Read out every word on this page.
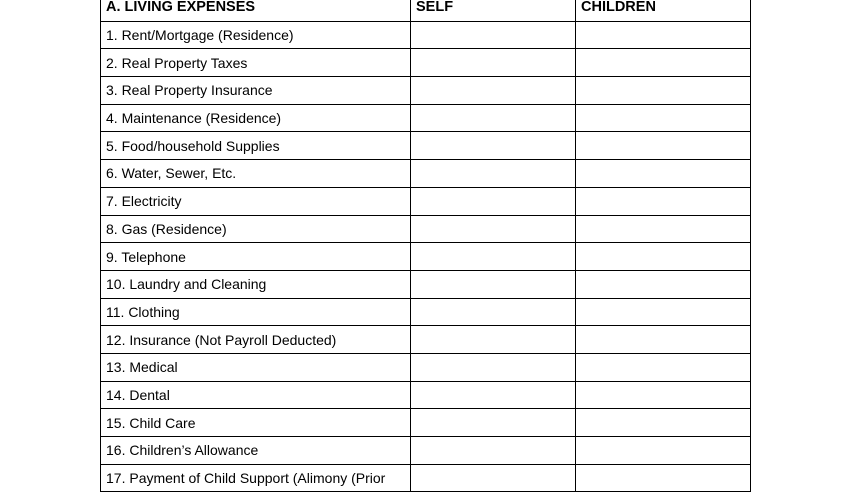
A. LIVING EXPENSES	SELF	CHILDREN
1. Rent/Mortgage (Residence)		
2. Real Property Taxes		
3. Real Property Insurance		
4. Maintenance (Residence)		
5. Food/household Supplies		
6. Water, Sewer, Etc.		
7. Electricity		
8. Gas (Residence)		
9. Telephone		
10. Laundry and Cleaning		
11. Clothing		
12. Insurance (Not Payroll Deducted)		
13. Medical		
14. Dental		
15. Child Care		
16. Children’s Allowance		
17. Payment of Child Support (Alimony (Prior		
